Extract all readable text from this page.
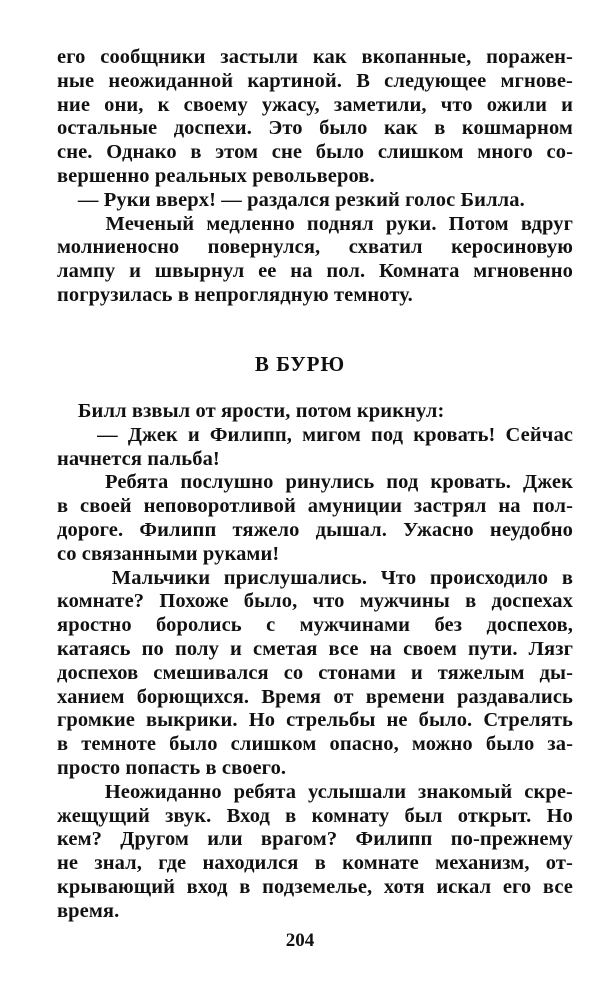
его сообщники застыли как вкопанные, поражен-
ные неожиданной картиной. В следующее мгнове-
ние они, к своему ужасу, заметили, что ожили и
остальные доспехи. Это было как в кошмарном
сне. Однако в этом сне было слишком много со-
вершенно реальных револьверов.
— Руки вверх! — раздался резкий голос Билла.
Меченый медленно поднял руки. Потом вдруг
молниеносно повернулся, схватил керосиновую
лампу и швырнул ее на пол. Комната мгновенно
погрузилась в непроглядную темноту.
В БУРЮ
Билл взвыл от ярости, потом крикнул:
— Джек и Филипп, мигом под кровать! Сейчас
начнется пальба!
Ребята послушно ринулись под кровать. Джек
в своей неповоротливой амуниции застрял на пол-
дороге. Филипп тяжело дышал. Ужасно неудобно
со связанными руками!
Мальчики прислушались. Что происходило в
комнате? Похоже было, что мужчины в доспехах
яростно боролись с мужчинами без доспехов,
катаясь по полу и сметая все на своем пути. Лязг
доспехов смешивался со стонами и тяжелым ды-
ханием борющихся. Время от времени раздавались
громкие выкрики. Но стрельбы не было. Стрелять
в темноте было слишком опасно, можно было за-
просто попасть в своего.
Неожиданно ребята услышали знакомый скре-
жещущий звук. Вход в комнату был открыт. Но
кем? Другом или врагом? Филипп по-прежнему
не знал, где находился в комнате механизм, от-
крывающий вход в подземелье, хотя искал его все
время.
204
